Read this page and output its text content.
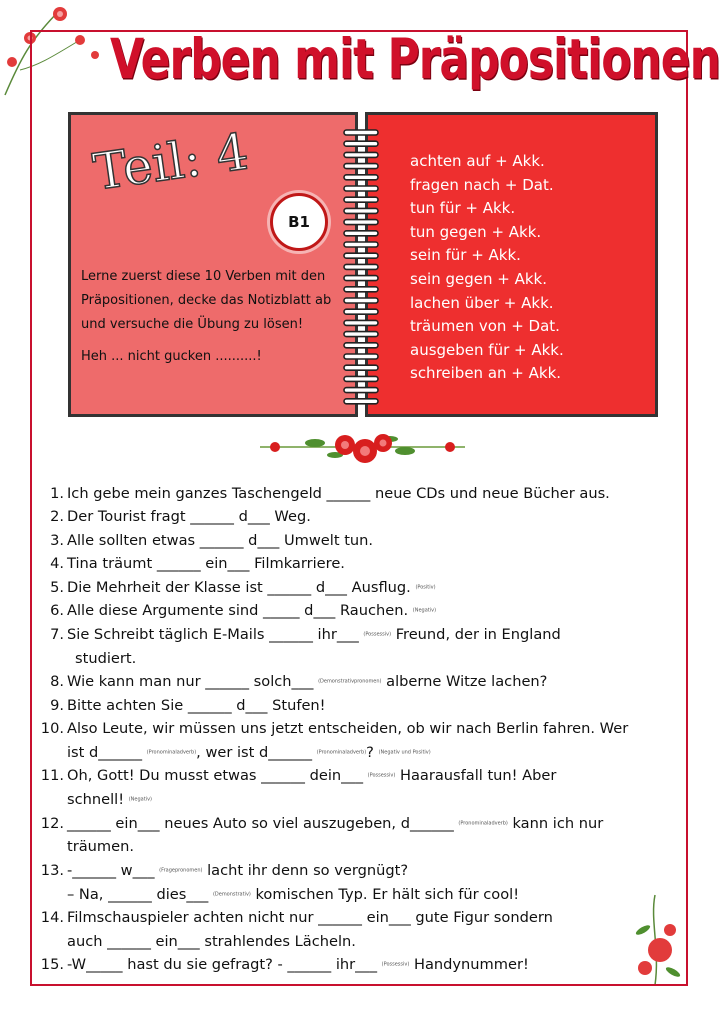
Verben mit Präpositionen
Teil: 4
B1
Lerne zuerst diese 10 Verben mit den Präpositionen, decke das Notizblatt ab und versuche die Übung zu lösen!
Heh ... nicht gucken ..........!
achten auf + Akk.
fragen nach + Dat.
tun für + Akk.
tun gegen + Akk.
sein für + Akk.
sein gegen + Akk.
lachen über + Akk.
träumen von + Dat.
ausgeben für + Akk.
schreiben an + Akk.
1. Ich gebe mein ganzes Taschengeld ______ neue CDs und neue Bücher aus.
2. Der Tourist fragt ______ d___ Weg.
3. Alle sollten etwas ______ d___ Umwelt tun.
4. Tina träumt ______ ein___ Filmkarriere.
5. Die Mehrheit der Klasse ist ______ d___ Ausflug. (Positiv)
6. Alle diese Argumente sind _____ d___ Rauchen. (Negativ)
7. Sie Schreibt täglich E-Mails ______ ihr___ (Possessiv) Freund, der in England
studiert.
8. Wie kann man nur ______ solch___ (Demonstrativpronomen) alberne Witze lachen?
9. Bitte achten Sie ______ d___ Stufen!
10. Also Leute, wir müssen uns jetzt entscheiden, ob wir nach Berlin fahren. Wer
ist d______ (Pronominaladverb), wer ist d______ (Pronominaladverb)? (Negativ und Positiv)
11. Oh, Gott! Du musst etwas ______ dein___ (Possessiv) Haarausfall tun! Aber
schnell! (Negativ)
12. ______ ein___ neues Auto so viel auszugeben, d______ (Pronominaladverb) kann ich nur
träumen.
13. -______ w___ (Fragepronomen) lacht ihr denn so vergnügt?
– Na, ______ dies___ (Demonstrativ) komischen Typ. Er hält sich für cool!
14. Filmschauspieler achten nicht nur ______ ein___ gute Figur sondern
auch ______ ein___ strahlendes Lächeln.
15. -W_____ hast du sie gefragt? - ______ ihr___ (Possessiv) Handynummer!
